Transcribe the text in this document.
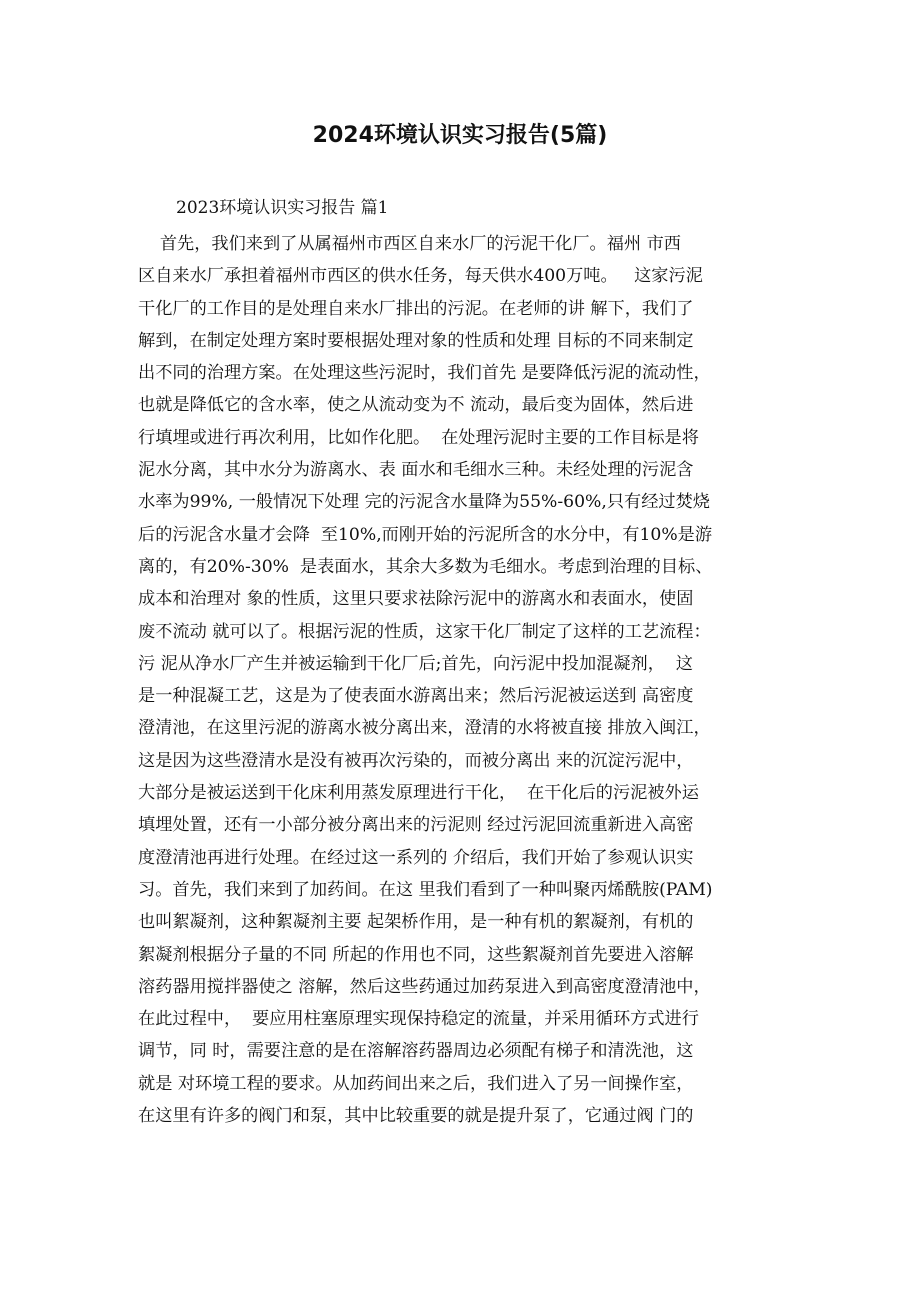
2024环境认识实习报告(5篇)
2023环境认识实习报告 篇1
首先，我们来到了从属福州市西区自来水厂的污泥干化厂。福州 市西
区自来水厂承担着福州市西区的供水任务，每天供水400万吨。   这家污泥
干化厂的工作目的是处理自来水厂排出的污泥。在老师的讲 解下，我们了
解到，在制定处理方案时要根据处理对象的性质和处理 目标的不同来制定
出不同的治理方案。在处理这些污泥时，我们首先 是要降低污泥的流动性，
也就是降低它的含水率，使之从流动变为不 流动，最后变为固体，然后进
行填埋或进行再次利用，比如作化肥。  在处理污泥时主要的工作目标是将
泥水分离，其中水分为游离水、表 面水和毛细水三种。未经处理的污泥含
水率为99%, 一般情况下处理 完的污泥含水量降为55%-60%,只有经过焚烧
后的污泥含水量才会降  至10%,而刚开始的污泥所含的水分中，有10%是游
离的，有20%-30%  是表面水，其余大多数为毛细水。考虑到治理的目标、
成本和治理对 象的性质，这里只要求祛除污泥中的游离水和表面水，使固
废不流动 就可以了。根据污泥的性质，这家干化厂制定了这样的工艺流程：
污 泥从净水厂产生并被运输到干化厂后;首先，向污泥中投加混凝剂，  这
是一种混凝工艺，这是为了使表面水游离出来；然后污泥被运送到 高密度
澄清池，在这里污泥的游离水被分离出来，澄清的水将被直接 排放入闽江，
这是因为这些澄清水是没有被再次污染的，而被分离出 来的沉淀污泥中，
大部分是被运送到干化床利用蒸发原理进行干化，  在干化后的污泥被外运
填埋处置，还有一小部分被分离出来的污泥则 经过污泥回流重新进入高密
度澄清池再进行处理。在经过这一系列的 介绍后，我们开始了参观认识实
习。首先，我们来到了加药间。在这 里我们看到了一种叫聚丙烯酰胺(PAM)
也叫絮凝剂，这种絮凝剂主要 起架桥作用，是一种有机的絮凝剂，有机的
絮凝剂根据分子量的不同 所起的作用也不同，这些絮凝剂首先要进入溶解
溶药器用搅拌器使之 溶解，然后这些药通过加药泵进入到高密度澄清池中，
在此过程中，  要应用柱塞原理实现保持稳定的流量，并采用循环方式进行
调节，同 时，需要注意的是在溶解溶药器周边必须配有梯子和清洗池，这
就是 对环境工程的要求。从加药间出来之后，我们进入了另一间操作室，
在这里有许多的阀门和泵，其中比较重要的就是提升泵了，它通过阀 门的
